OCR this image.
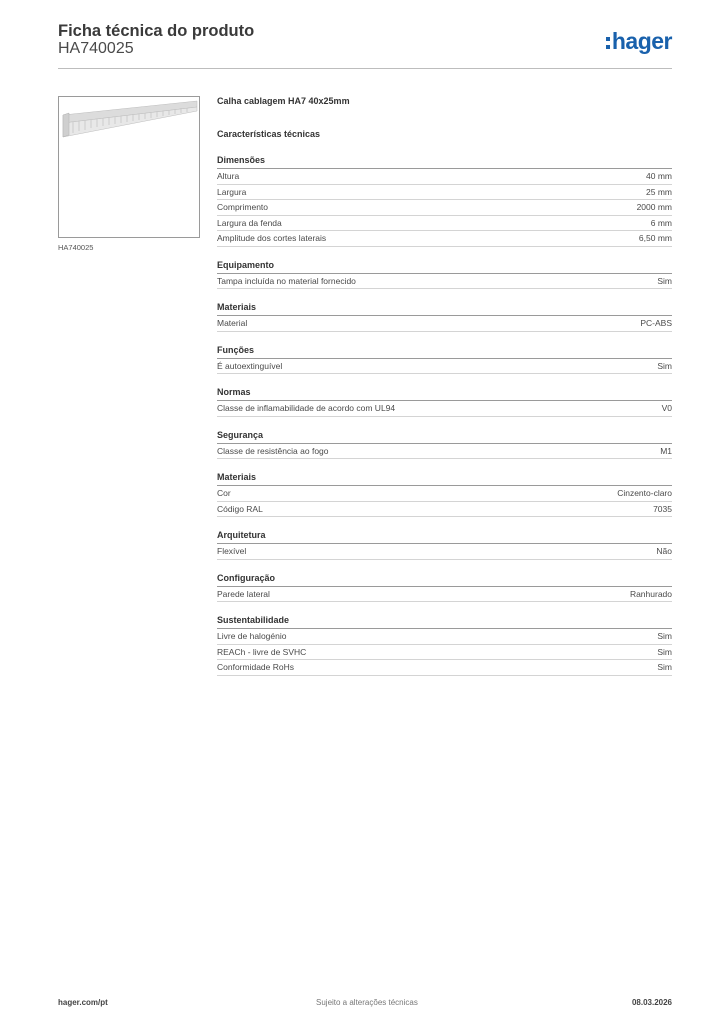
Ficha técnica do produto
HA740025	hager
HA740025
Calha cablagem HA7 40x25mm
Características técnicas
Dimensões
Altura	40 mm
Largura	25 mm
Comprimento	2000 mm
Largura da fenda	6 mm
Amplitude dos cortes laterais	6,50 mm
Equipamento
Tampa incluída no material fornecido	Sim
Materiais
Material	PC-ABS
Funções
É autoextinguível	Sim
Normas
Classe de inflamabilidade de acordo com UL94	V0
Segurança
Classe de resistência ao fogo	M1
Materiais
Cor	Cinzento-claro
Código RAL	7035
Arquitetura
Flexível	Não
Configuração
Parede lateral	Ranhurado
Sustentabilidade
Livre de halogénio	Sim
REACh - livre de SVHC	Sim
Conformidade RoHs	Sim
hager.com/pt	Sujeito a alterações técnicas	08.03.2026
